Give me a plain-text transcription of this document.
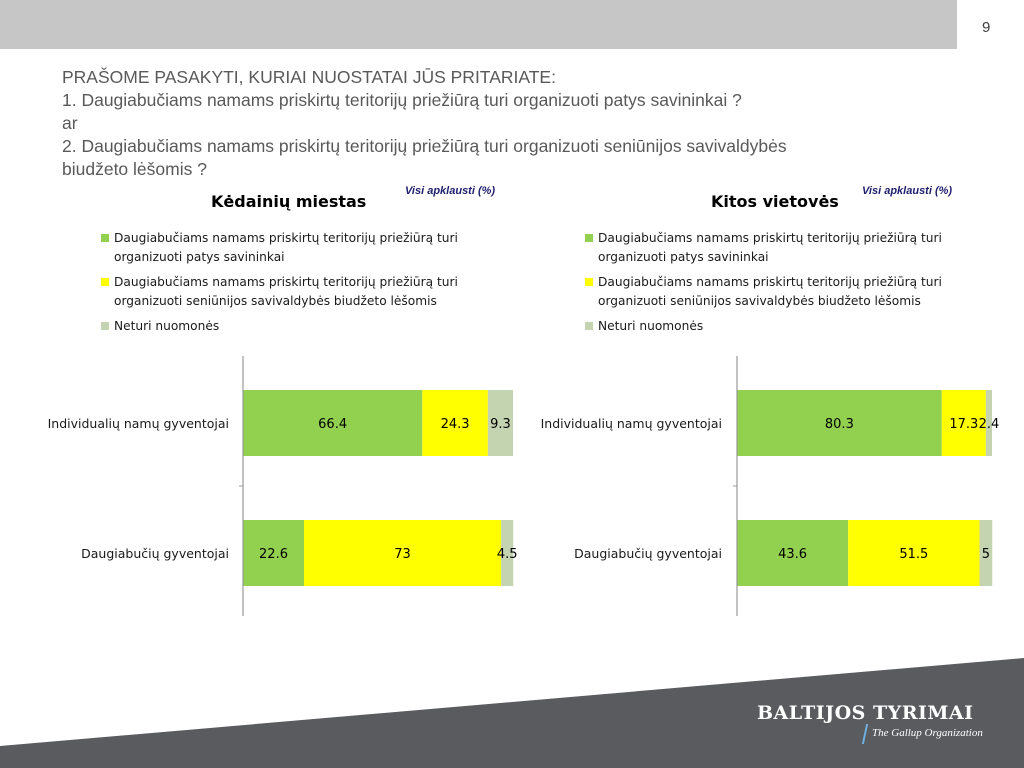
9
PRAŠOME PASAKYTI, KURIAI NUOSTATAI JŪS PRITARIATE:
1. Daugiabučiams namams priskirtų teritorijų priežiūrą turi organizuoti patys savininkai ?
ar
2. Daugiabučiams namams priskirtų teritorijų priežiūrą turi organizuoti seniūnijos savivaldybės
biudžeto lėšomis ?
Kėdainių miestas
Visi apklausti (%)
Daugiabučiams namams priskirtų teritorijų priežiūrą turi
organizuoti patys savininkai
Daugiabučiams namams priskirtų teritorijų priežiūrą turi
organizuoti seniūnijos savivaldybės biudžeto lėšomis
Neturi nuomonės
Kitos vietovės
Visi apklausti (%)
Daugiabučiams namams priskirtų teritorijų priežiūrą turi
organizuoti patys savininkai
Daugiabučiams namams priskirtų teritorijų priežiūrą turi
organizuoti seniūnijos savivaldybės biudžeto lėšomis
Neturi nuomonės
66.4	24.3 9.3
Individualių namų gyventojai
22.6	73	4.5
Daugiabučių gyventojai
80.3	17.3 2.4
Individualių namų gyventojai
43.6	51.5	5
Daugiabučių gyventojai
BALTIJOS TYRIMAI
The Gallup Organization
